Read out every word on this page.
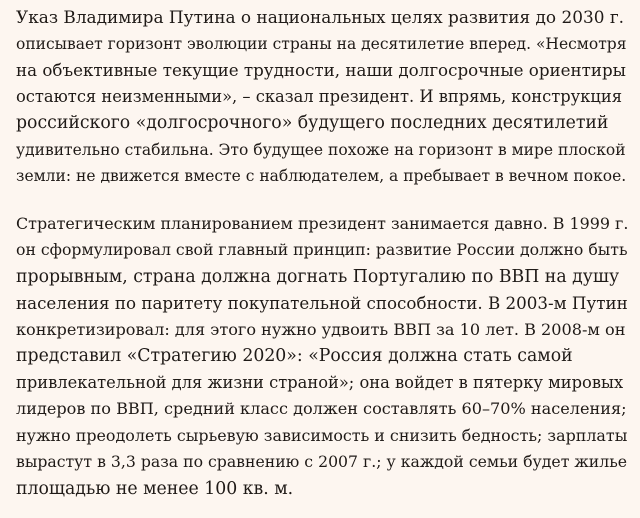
Указ Владимира Путина о национальных целях развития до 2030 г.
описывает горизонт эволюции страны на десятилетие вперед. «Несмотря
на объективные текущие трудности, наши долгосрочные ориентиры
остаются неизменными», – сказал президент. И впрямь, конструкция
российского «долгосрочного» будущего последних десятилетий
удивительно стабильна. Это будущее похоже на горизонт в мире плоской
земли: не движется вместе с наблюдателем, а пребывает в вечном покое.

Стратегическим планированием президент занимается давно. В 1999 г.
он сформулировал свой главный принцип: развитие России должно быть
прорывным, страна должна догнать Португалию по ВВП на душу
населения по паритету покупательной способности. В 2003-м Путин
конкретизировал: для этого нужно удвоить ВВП за 10 лет. В 2008-м он
представил «Стратегию 2020»: «Россия должна стать самой
привлекательной для жизни страной»; она войдет в пятерку мировых
лидеров по ВВП, средний класс должен составлять 60–70% населения;
нужно преодолеть сырьевую зависимость и снизить бедность; зарплаты
вырастут в 3,3 раза по сравнению с 2007 г.; у каждой семьи будет жилье
площадью не менее 100 кв. м.
